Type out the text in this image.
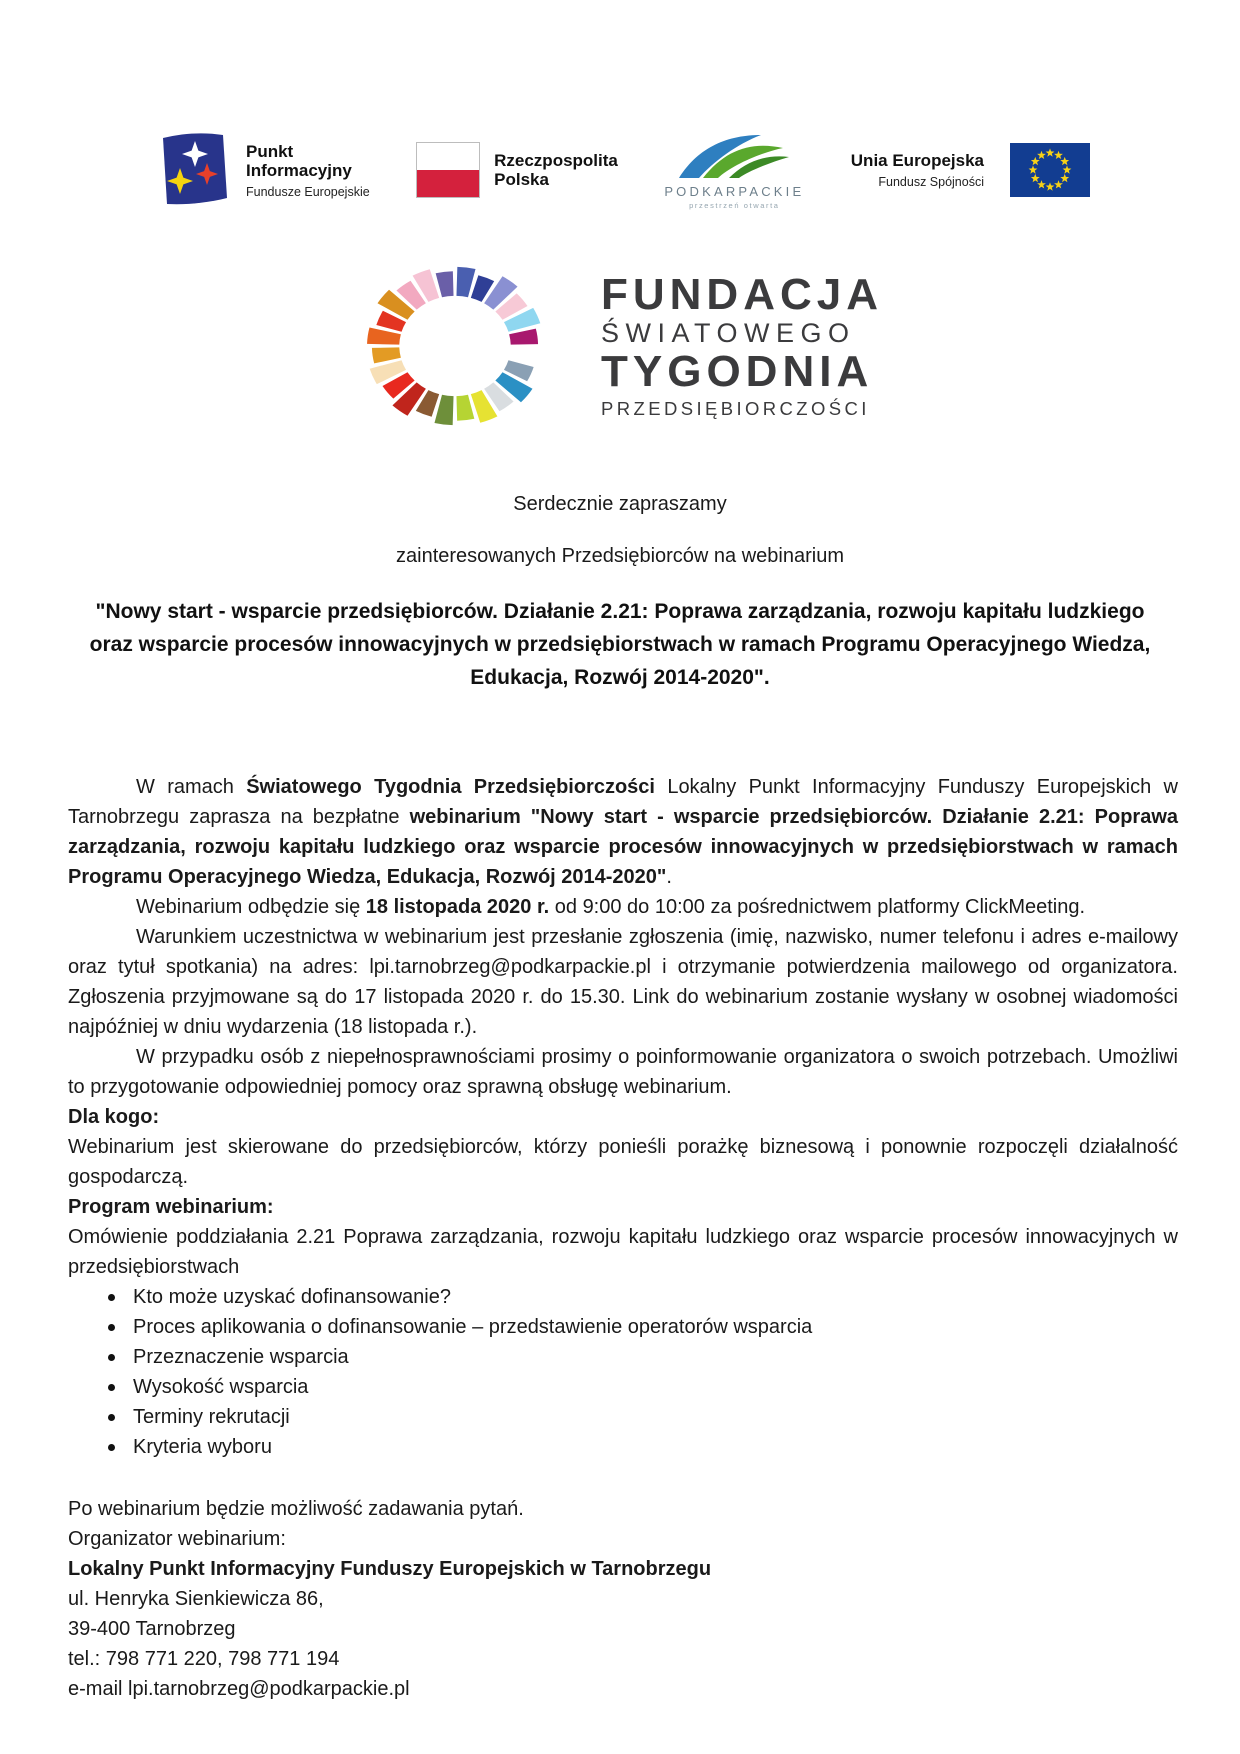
Punkt
Informacyjny
Fundusze Europejskie
Rzeczpospolita
Polska
PODKARPACKIE
przestrzeń otwarta
Unia Europejska
Fundusz Spójności
FUNDACJA
ŚWIATOWEGO
TYGODNIA
PRZEDSIĘBIORCZOŚCI
Serdecznie zapraszamy
zainteresowanych Przedsiębiorców na webinarium
"Nowy start - wsparcie przedsiębiorców. Działanie 2.21: Poprawa zarządzania, rozwoju kapitału ludzkiego oraz wsparcie procesów innowacyjnych w przedsiębiorstwach w ramach Programu Operacyjnego Wiedza, Edukacja, Rozwój 2014-2020".

W ramach Światowego Tygodnia Przedsiębiorczości Lokalny Punkt Informacyjny Funduszy Europejskich w Tarnobrzegu zaprasza na bezpłatne webinarium "Nowy start - wsparcie przedsiębiorców. Działanie 2.21: Poprawa zarządzania, rozwoju kapitału ludzkiego oraz wsparcie procesów innowacyjnych w przedsiębiorstwach w ramach Programu Operacyjnego Wiedza, Edukacja, Rozwój 2014-2020".

Webinarium odbędzie się 18 listopada 2020 r. od 9:00 do 10:00 za pośrednictwem platformy ClickMeeting.

Warunkiem uczestnictwa w webinarium jest przesłanie zgłoszenia (imię, nazwisko, numer telefonu i adres e-mailowy oraz tytuł spotkania) na adres: lpi.tarnobrzeg@podkarpackie.pl i otrzymanie potwierdzenia mailowego od organizatora. Zgłoszenia przyjmowane są do 17 listopada 2020 r. do 15.30. Link do webinarium zostanie wysłany w osobnej wiadomości najpóźniej w dniu wydarzenia (18 listopada r.).

W przypadku osób z niepełnosprawnościami prosimy o poinformowanie organizatora o swoich potrzebach. Umożliwi to przygotowanie odpowiedniej pomocy oraz sprawną obsługę webinarium.

Dla kogo:

Webinarium jest skierowane do przedsiębiorców, którzy ponieśli porażkę biznesową i ponownie rozpoczęli działalność gospodarczą.

Program webinarium:

Omówienie poddziałania 2.21 Poprawa zarządzania, rozwoju kapitału ludzkiego oraz wsparcie procesów innowacyjnych w przedsiębiorstwach

Kto może uzyskać dofinansowanie?
Proces aplikowania o dofinansowanie – przedstawienie operatorów wsparcia
Przeznaczenie wsparcia
Wysokość wsparcia
Terminy rekrutacji
Kryteria wyboru

Po webinarium będzie możliwość zadawania pytań.

Organizator webinarium:

Lokalny Punkt Informacyjny Funduszy Europejskich w Tarnobrzegu

ul. Henryka Sienkiewicza 86,

39-400 Tarnobrzeg

tel.: 798 771 220, 798 771 194

e-mail lpi.tarnobrzeg@podkarpackie.pl
